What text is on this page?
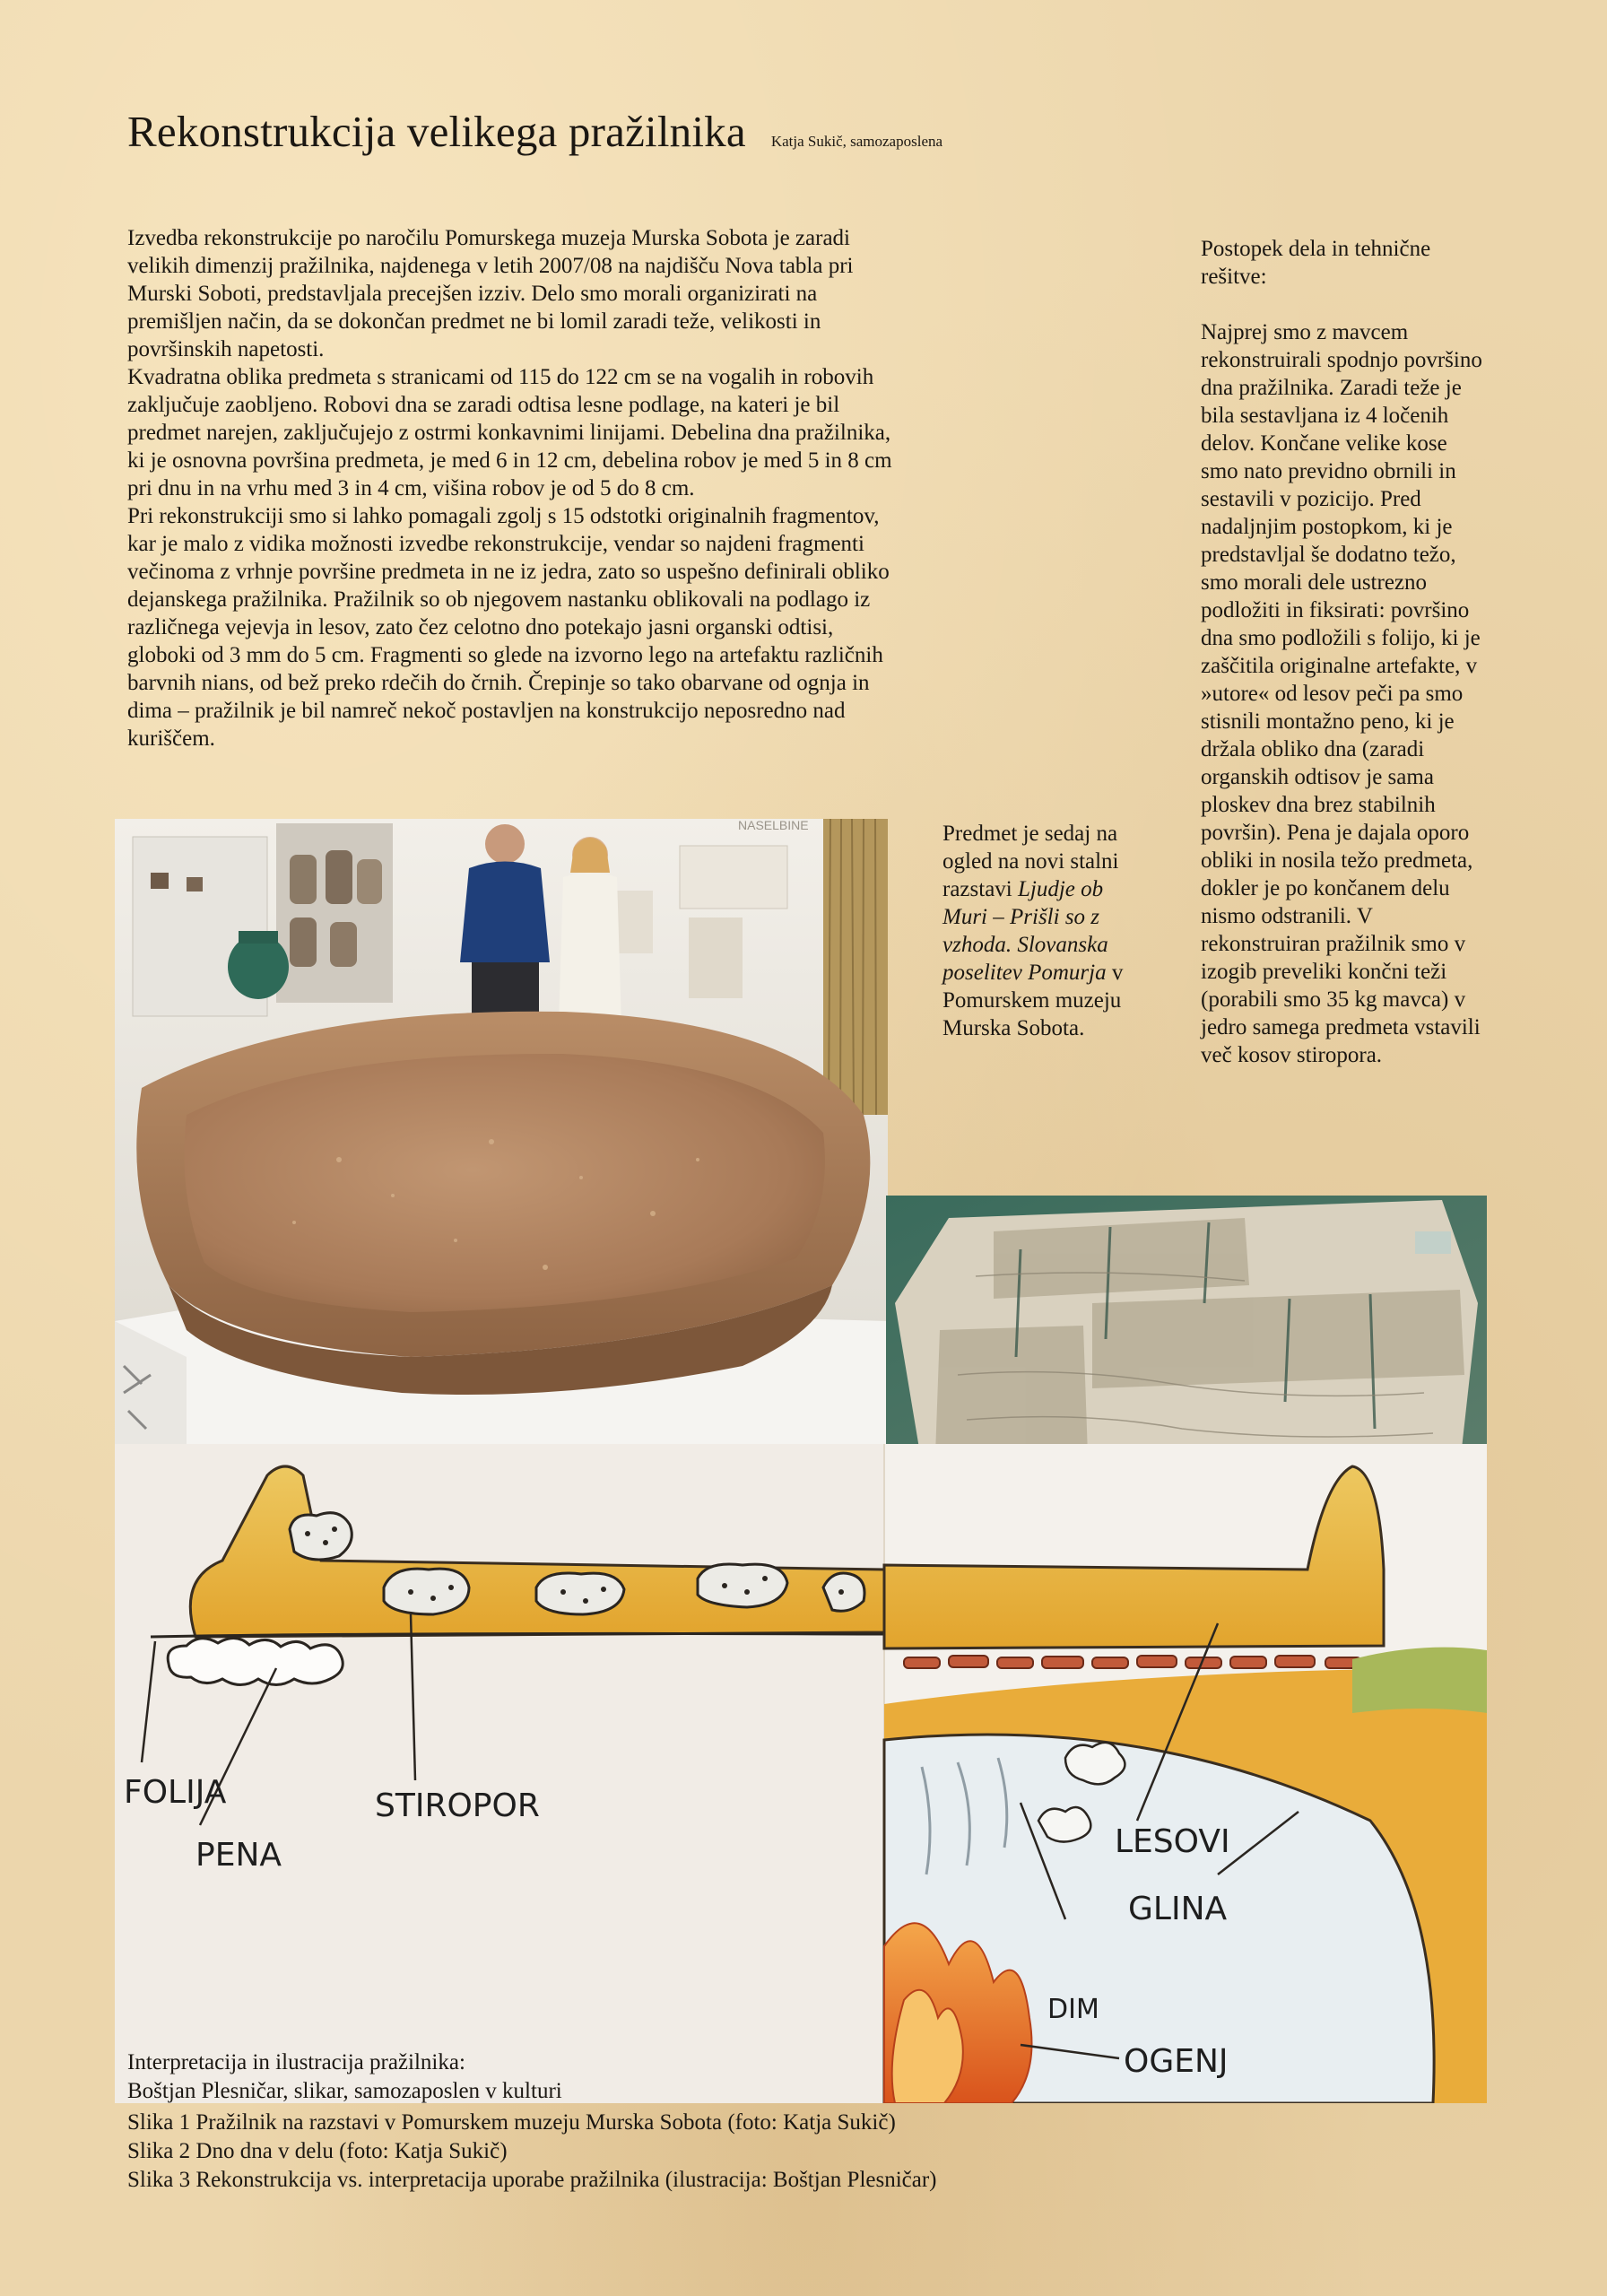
Rekonstrukcija velikega pražilnika Katja Sukič, samozaposlena

Izvedba rekonstrukcije po naročilu Pomurskega muzeja Murska Sobota je zaradi velikih dimenzij pražilnika, najdenega v letih 2007/08 na najdišču Nova tabla pri Murski Soboti, predstavljala precejšen izziv. Delo smo morali organizirati na premišljen način, da se dokončan predmet ne bi lomil zaradi teže, velikosti in površinskih napetosti.

Kvadratna oblika predmeta s stranicami od 115 do 122 cm se na vogalih in robovih zaključuje zaobljeno. Robovi dna se zaradi odtisa lesne podlage, na kateri je bil predmet narejen, zaključujejo z ostrmi konkavnimi linijami. Debelina dna pražilnika, ki je osnovna površina predmeta, je med 6 in 12 cm, debelina robov je med 5 in 8 cm pri dnu in na vrhu med 3 in 4 cm, višina robov je od 5 do 8 cm.

Pri rekonstrukciji smo si lahko pomagali zgolj s 15 odstotki originalnih fragmentov, kar je malo z vidika možnosti izvedbe rekonstrukcije, vendar so najdeni fragmenti večinoma z vrhnje površine predmeta in ne iz jedra, zato so uspešno definirali obliko dejanskega pražilnika. Pražilnik so ob njegovem nastanku oblikovali na podlago iz različnega vejevja in lesov, zato čez celotno dno potekajo jasni organski odtisi, globoki od 3 mm do 5 cm. Fragmenti so glede na izvorno lego na artefaktu različnih barvnih nians, od bež preko rdečih do črnih. Črepinje so tako obarvane od ognja in dima – pražilnik je bil namreč nekoč postavljen na konstrukcijo neposredno nad kuriščem.

Postopek dela in tehnične rešitve:

Najprej smo z mavcem rekonstruirali spodnjo površino dna pražilnika. Zaradi teže je bila sestavljana iz 4 ločenih delov. Končane velike kose smo nato previdno obrnili in sestavili v pozicijo. Pred nadaljnjim postopkom, ki je predstavljal še dodatno težo, smo morali dele ustrezno podložiti in fiksirati: površino dna smo podložili s folijo, ki je zaščitila originalne artefakte, v »utore« od lesov peči pa smo stisnili montažno peno, ki je držala obliko dna (zaradi organskih odtisov je sama ploskev dna brez stabilnih površin). Pena je dajala oporo obliki in nosila težo predmeta, dokler je po končanem delu nismo odstranili. V rekonstruiran pražilnik smo v izogib preveliki končni teži (porabili smo 35 kg mavca) v jedro samega predmeta vstavili več kosov stiropora.

Predmet je sedaj na ogled na novi stalni razstavi Ljudje ob Muri – Prišli so z vzhoda. Slovanska poselitev Pomurja v Pomurskem muzeju Murska Sobota.
NASELBINE
FOLIJA
PENA
STIROPOR
LESOVI
GLINA
DIM
OGENJ

Interpretacija in ilustracija pražilnika:

Boštjan Plesničar, slikar, samozaposlen v kulturi

Slika 1 Pražilnik na razstavi v Pomurskem muzeju Murska Sobota (foto: Katja Sukič)

Slika 2 Dno dna v delu (foto: Katja Sukič)

Slika 3 Rekonstrukcija vs. interpretacija uporabe pražilnika (ilustracija: Boštjan Plesničar)
